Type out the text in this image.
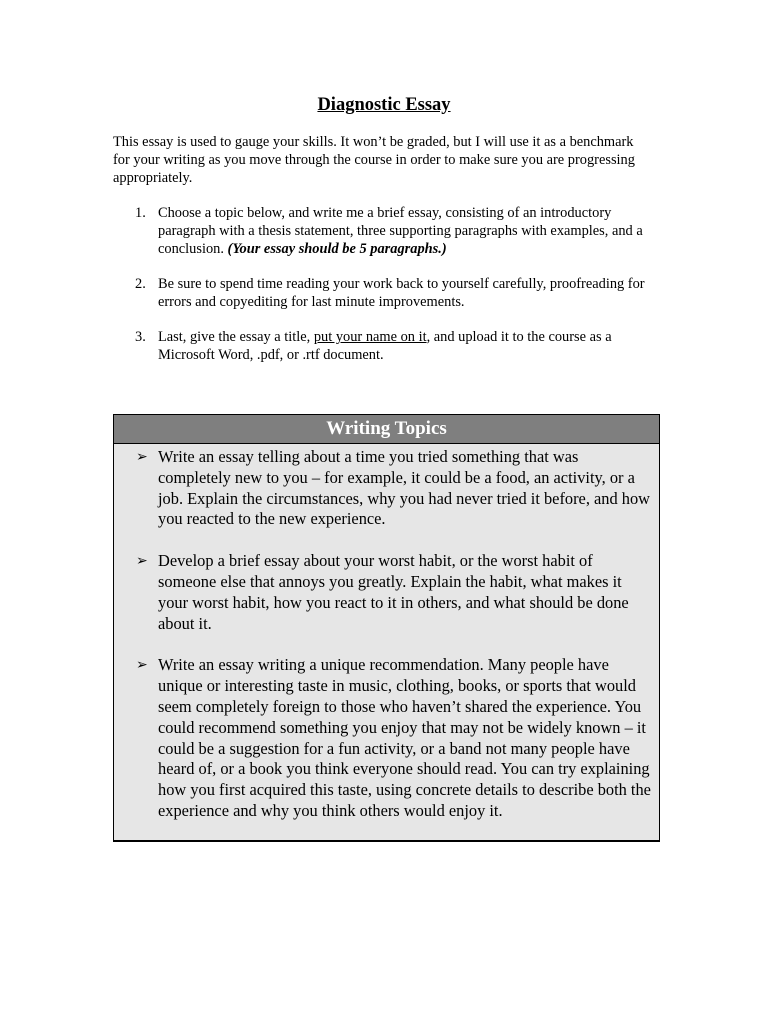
Diagnostic Essay

This essay is used to gauge your skills. It won’t be graded, but I will use it as a benchmark for your writing as you move through the course in order to make sure you are progressing appropriately.

1. Choose a topic below, and write me a brief essay, consisting of an introductory paragraph with a thesis statement, three supporting paragraphs with examples, and a conclusion. (Your essay should be 5 paragraphs.)
2. Be sure to spend time reading your work back to yourself carefully, proofreading for errors and copyediting for last minute improvements.
3. Last, give the essay a title, put your name on it, and upload it to the course as a Microsoft Word, .pdf, or .rtf document.
Writing Topics
➢ Write an essay telling about a time you tried something that was completely new to you – for example, it could be a food, an activity, or a job. Explain the circumstances, why you had never tried it before, and how you reacted to the new experience.
➢ Develop a brief essay about your worst habit, or the worst habit of someone else that annoys you greatly. Explain the habit, what makes it your worst habit, how you react to it in others, and what should be done about it.
➢ Write an essay writing a unique recommendation. Many people have unique or interesting taste in music, clothing, books, or sports that would seem completely foreign to those who haven’t shared the experience. You could recommend something you enjoy that may not be widely known – it could be a suggestion for a fun activity, or a band not many people have heard of, or a book you think everyone should read. You can try explaining how you first acquired this taste, using concrete details to describe both the experience and why you think others would enjoy it.
